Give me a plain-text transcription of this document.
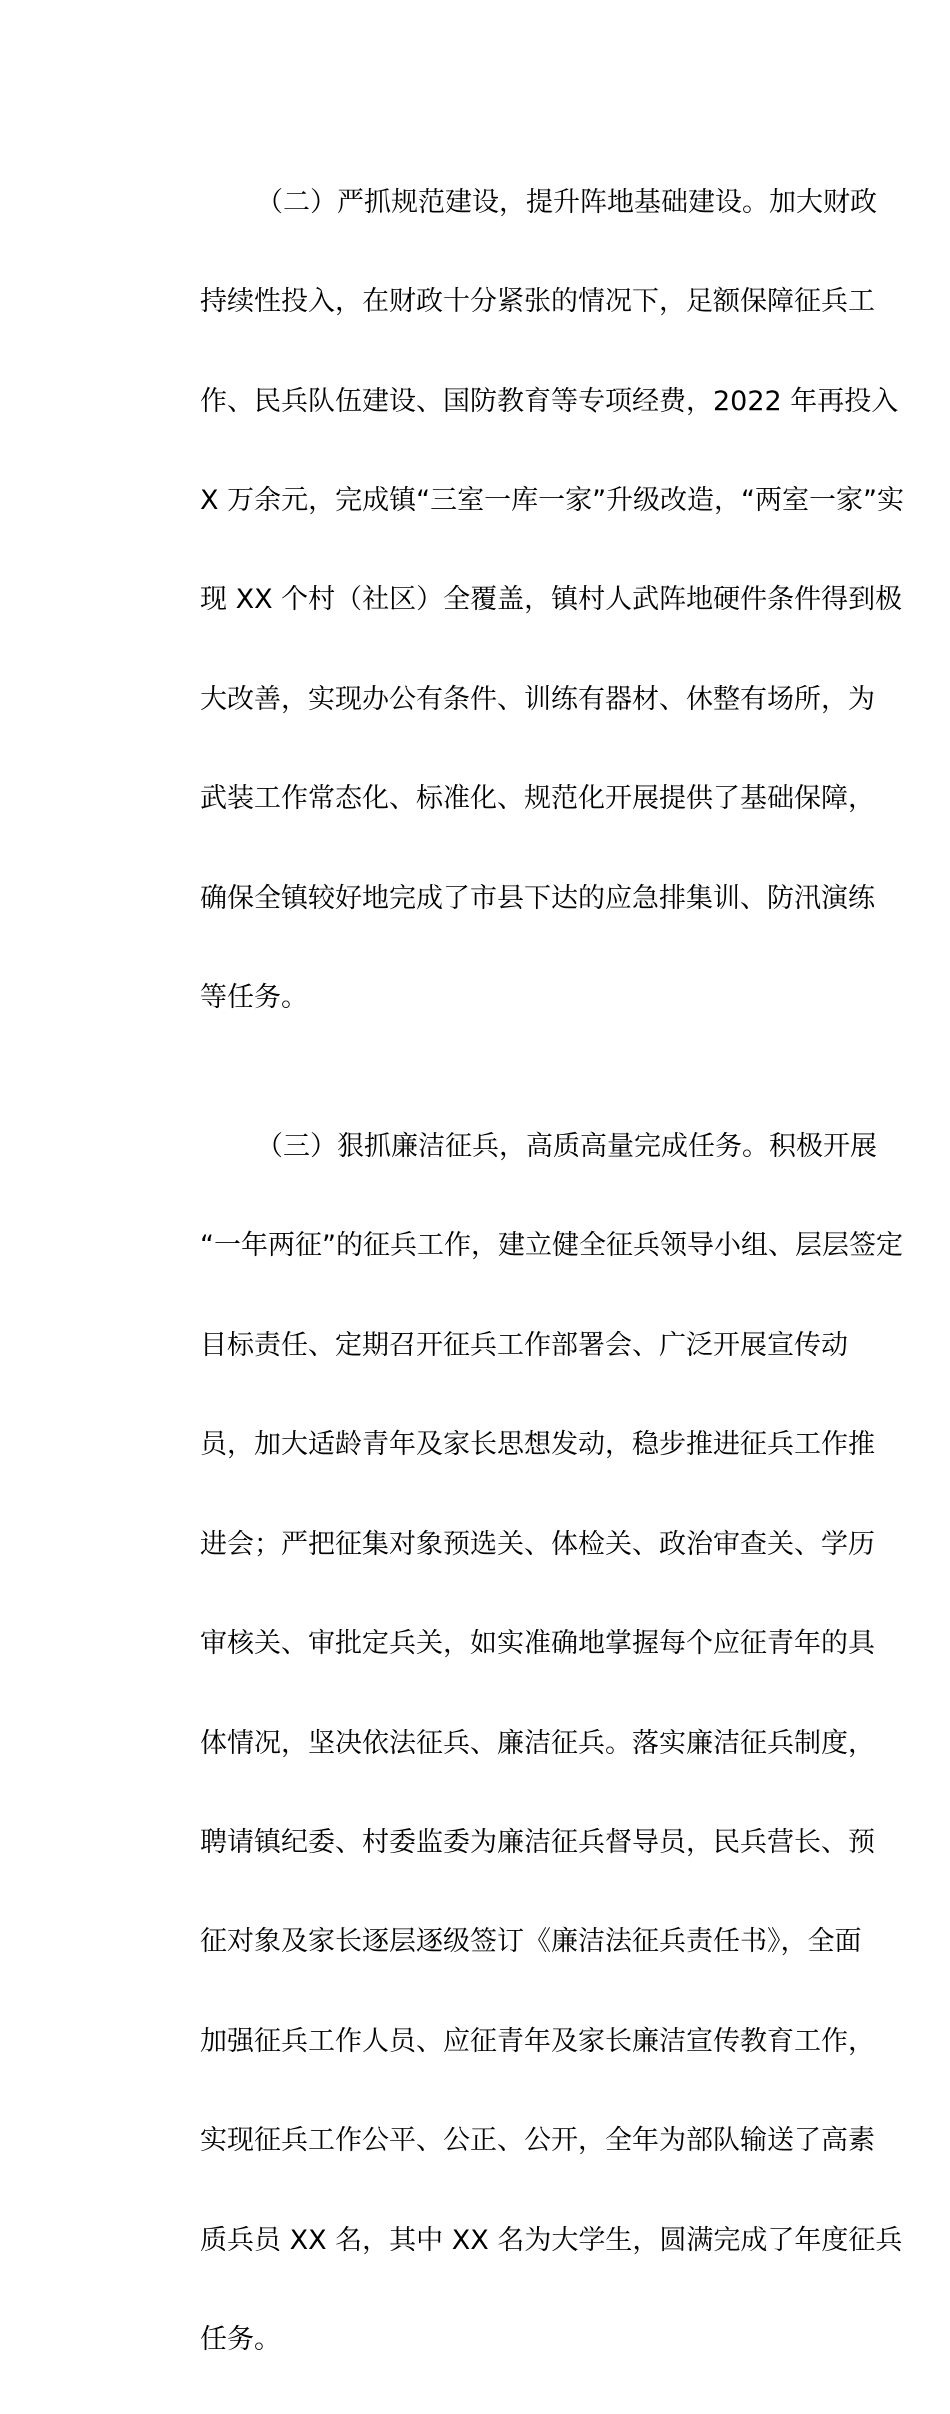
（二）严抓规范建设，提升阵地基础建设。加大财政

持续性投入，在财政十分紧张的情况下，足额保障征兵工

作、民兵队伍建设、国防教育等专项经费，2022 年再投入

X 万余元，完成镇“三室一库一家”升级改造，“两室一家”实

现 XX 个村（社区）全覆盖，镇村人武阵地硬件条件得到极

大改善，实现办公有条件、训练有器材、休整有场所，为

武装工作常态化、标准化、规范化开展提供了基础保障，

确保全镇较好地完成了市县下达的应急排集训、防汛演练

等任务。

（三）狠抓廉洁征兵，高质高量完成任务。积极开展

“一年两征”的征兵工作，建立健全征兵领导小组、层层签定

目标责任、定期召开征兵工作部署会、广泛开展宣传动

员，加大适龄青年及家长思想发动，稳步推进征兵工作推

进会；严把征集对象预选关、体检关、政治审查关、学历

审核关、审批定兵关，如实准确地掌握每个应征青年的具

体情况，坚决依法征兵、廉洁征兵。落实廉洁征兵制度，

聘请镇纪委、村委监委为廉洁征兵督导员，民兵营长、预

征对象及家长逐层逐级签订《廉洁法征兵责任书》，全面

加强征兵工作人员、应征青年及家长廉洁宣传教育工作，

实现征兵工作公平、公正、公开，全年为部队输送了高素

质兵员 XX 名，其中 XX 名为大学生，圆满完成了年度征兵

任务。
